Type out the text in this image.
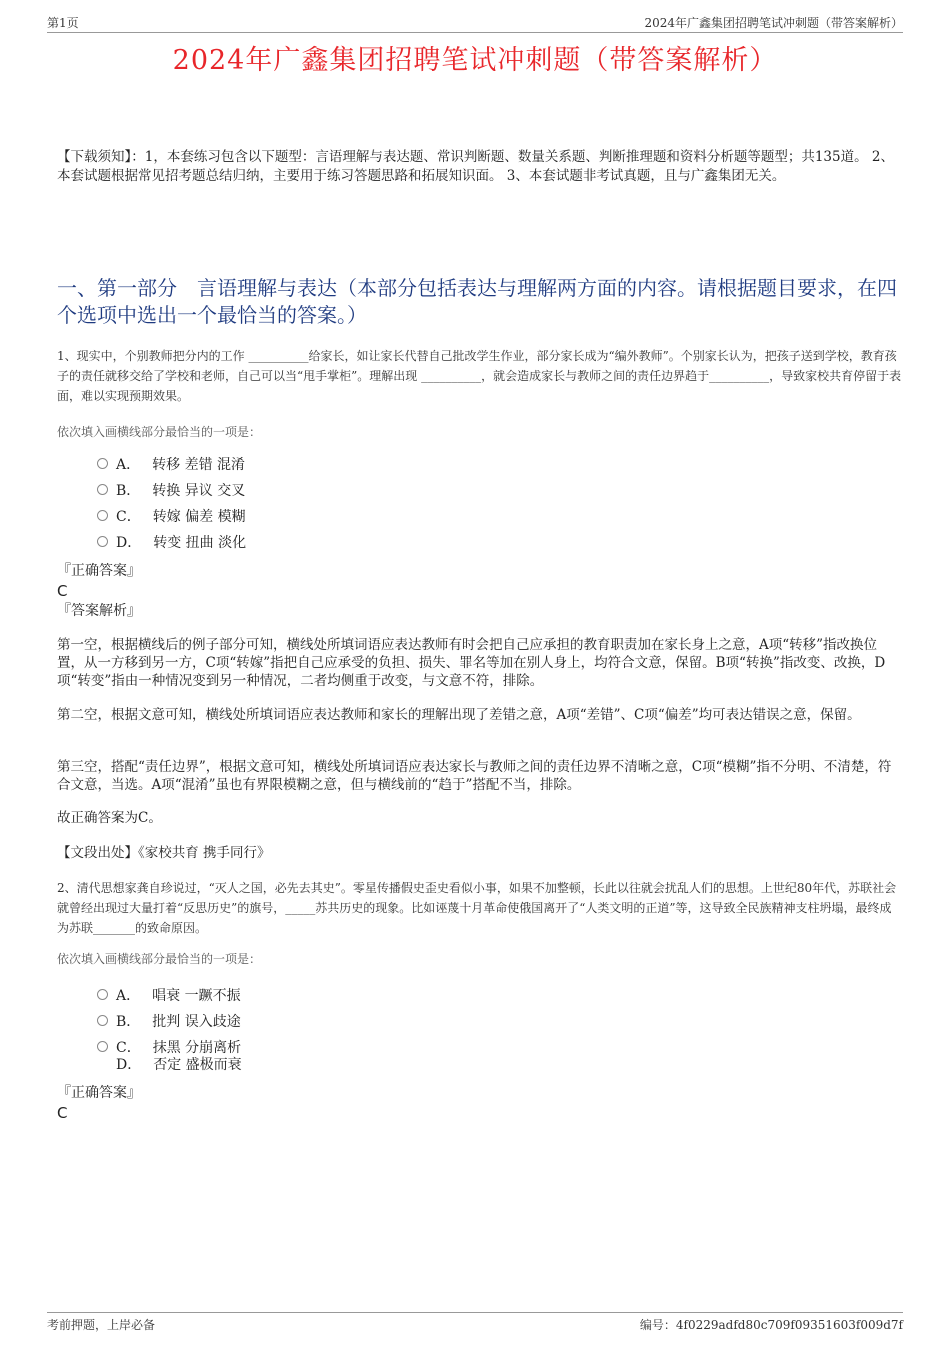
第1页	2024年广鑫集团招聘笔试冲刺题（带答案解析）
2024年广鑫集团招聘笔试冲刺题（带答案解析）
【下载须知】：1，本套练习包含以下题型：言语理解与表达题、常识判断题、数量关系题、判断推理题和资料分析题等题型；共135道。 2、本套试题根据常见招考题总结归纳，主要用于练习答题思路和拓展知识面。 3、本套试题非考试真题，且与广鑫集团无关。
一、第一部分　言语理解与表达（本部分包括表达与理解两方面的内容。请根据题目要求，在四个选项中选出一个最恰当的答案。）
1、现实中，个别教师把分内的工作 __________给家长，如让家长代替自己批改学生作业，部分家长成为“编外教师”。个别家长认为，把孩子送到学校，教育孩子的责任就移交给了学校和老师，自己可以当“甩手掌柜”。理解出现 __________，就会造成家长与教师之间的责任边界趋于__________，导致家校共育停留于表面，难以实现预期效果。
依次填入画横线部分最恰当的一项是：
A． 转移 差错 混淆
B． 转换 异议 交叉
C． 转嫁 偏差 模糊
D． 转变 扭曲 淡化
『正确答案』
C
『答案解析』
第一空，根据横线后的例子部分可知，横线处所填词语应表达教师有时会把自己应承担的教育职责加在家长身上之意，A项“转移”指改换位置，从一方移到另一方，C项“转嫁”指把自己应承受的负担、损失、罪名等加在别人身上，均符合文意，保留。B项“转换”指改变、改换，D项“转变”指由一种情况变到另一种情况，二者均侧重于改变，与文意不符，排除。
第二空，根据文意可知，横线处所填词语应表达教师和家长的理解出现了差错之意，A项“差错”、C项“偏差”均可表达错误之意，保留。
第三空，搭配“责任边界”，根据文意可知，横线处所填词语应表达家长与教师之间的责任边界不清晰之意，C项“模糊”指不分明、不清楚，符合文意，当选。A项“混淆”虽也有界限模糊之意，但与横线前的“趋于”搭配不当，排除。
故正确答案为C。
【文段出处】《家校共育 携手同行》
2、清代思想家龚自珍说过，“灭人之国，必先去其史”。零星传播假史歪史看似小事，如果不加整顿，长此以往就会扰乱人们的思想。上世纪80年代，苏联社会就曾经出现过大量打着“反思历史”的旗号，_____苏共历史的现象。比如诬蔑十月革命使俄国离开了“人类文明的正道”等，这导致全民族精神支柱坍塌，最终成为苏联_______的致命原因。
依次填入画横线部分最恰当的一项是：
A． 唱衰 一蹶不振
B． 批判 误入歧途
C． 抹黑 分崩离析
D． 否定 盛极而衰
『正确答案』
C
考前押题，上岸必备	编号：4f0229adfd80c709f09351603f009d7f
